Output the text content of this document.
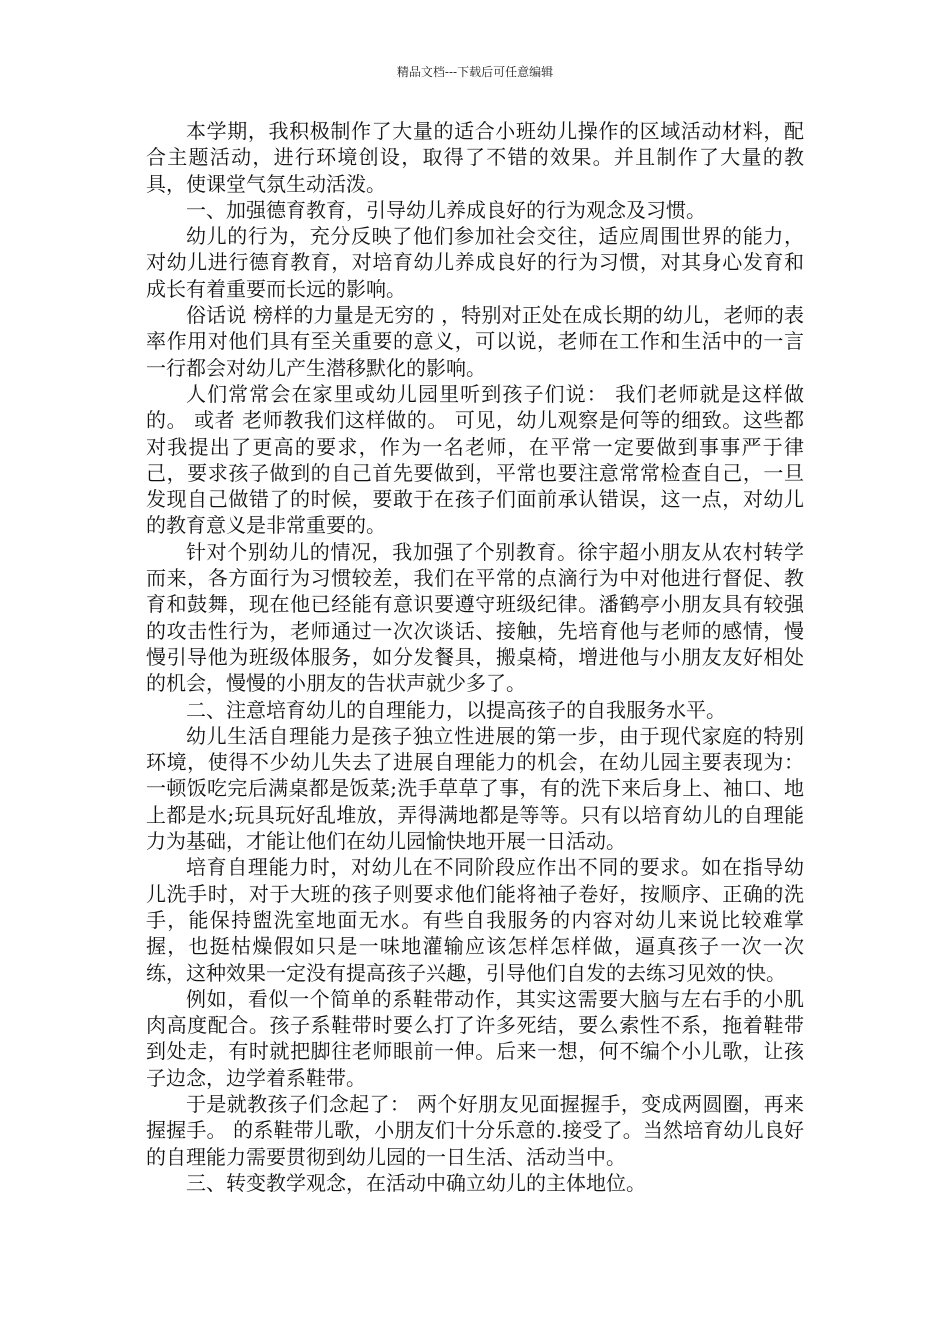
精品文档---下载后可任意编辑

本学期，我积极制作了大量的适合小班幼儿操作的区域活动材料，配合主题活动，进行环境创设，取得了不错的效果。并且制作了大量的教具，使课堂气氛生动活泼。

一、加强德育教育，引导幼儿养成良好的行为观念及习惯。

幼儿的行为，充分反映了他们参加社会交往，适应周围世界的能力，对幼儿进行德育教育，对培育幼儿养成良好的行为习惯，对其身心发育和成长有着重要而长远的影响。

俗话说 榜样的力量是无穷的 ，特别对正处在成长期的幼儿，老师的表率作用对他们具有至关重要的意义，可以说，老师在工作和生活中的一言一行都会对幼儿产生潜移默化的影响。

人们常常会在家里或幼儿园里听到孩子们说： 我们老师就是这样做的。 或者 老师教我们这样做的。 可见，幼儿观察是何等的细致。这些都对我提出了更高的要求，作为一名老师，在平常一定要做到事事严于律己，要求孩子做到的自己首先要做到，平常也要注意常常检查自己，一旦发现自己做错了的时候，要敢于在孩子们面前承认错误，这一点，对幼儿的教育意义是非常重要的。

针对个别幼儿的情况，我加强了个别教育。徐宇超小朋友从农村转学而来，各方面行为习惯较差，我们在平常的点滴行为中对他进行督促、教育和鼓舞，现在他已经能有意识要遵守班级纪律。潘鹤亭小朋友具有较强的攻击性行为，老师通过一次次谈话、接触，先培育他与老师的感情，慢慢引导他为班级体服务，如分发餐具，搬桌椅，增进他与小朋友友好相处的机会，慢慢的小朋友的告状声就少多了。

二、注意培育幼儿的自理能力，以提高孩子的自我服务水平。

幼儿生活自理能力是孩子独立性进展的第一步，由于现代家庭的特别环境，使得不少幼儿失去了进展自理能力的机会，在幼儿园主要表现为：一顿饭吃完后满桌都是饭菜;洗手草草了事，有的洗下来后身上、袖口、地上都是水;玩具玩好乱堆放，弄得满地都是等等。只有以培育幼儿的自理能力为基础，才能让他们在幼儿园愉快地开展一日活动。

培育自理能力时，对幼儿在不同阶段应作出不同的要求。如在指导幼儿洗手时，对于大班的孩子则要求他们能将袖子卷好，按顺序、正确的洗手，能保持盥洗室地面无水。有些自我服务的内容对幼儿来说比较难掌握，也挺枯燥假如只是一味地灌输应该怎样怎样做，逼真孩子一次一次练，这种效果一定没有提高孩子兴趣，引导他们自发的去练习见效的快。

例如，看似一个简单的系鞋带动作，其实这需要大脑与左右手的小肌肉高度配合。孩子系鞋带时要么打了许多死结，要么索性不系，拖着鞋带到处走，有时就把脚往老师眼前一伸。后来一想，何不编个小儿歌，让孩子边念，边学着系鞋带。

于是就教孩子们念起了： 两个好朋友见面握握手，变成两圆圈，再来握握手。 的系鞋带儿歌，小朋友们十分乐意的.接受了。当然培育幼儿良好的自理能力需要贯彻到幼儿园的一日生活、活动当中。

三、转变教学观念，在活动中确立幼儿的主体地位。
